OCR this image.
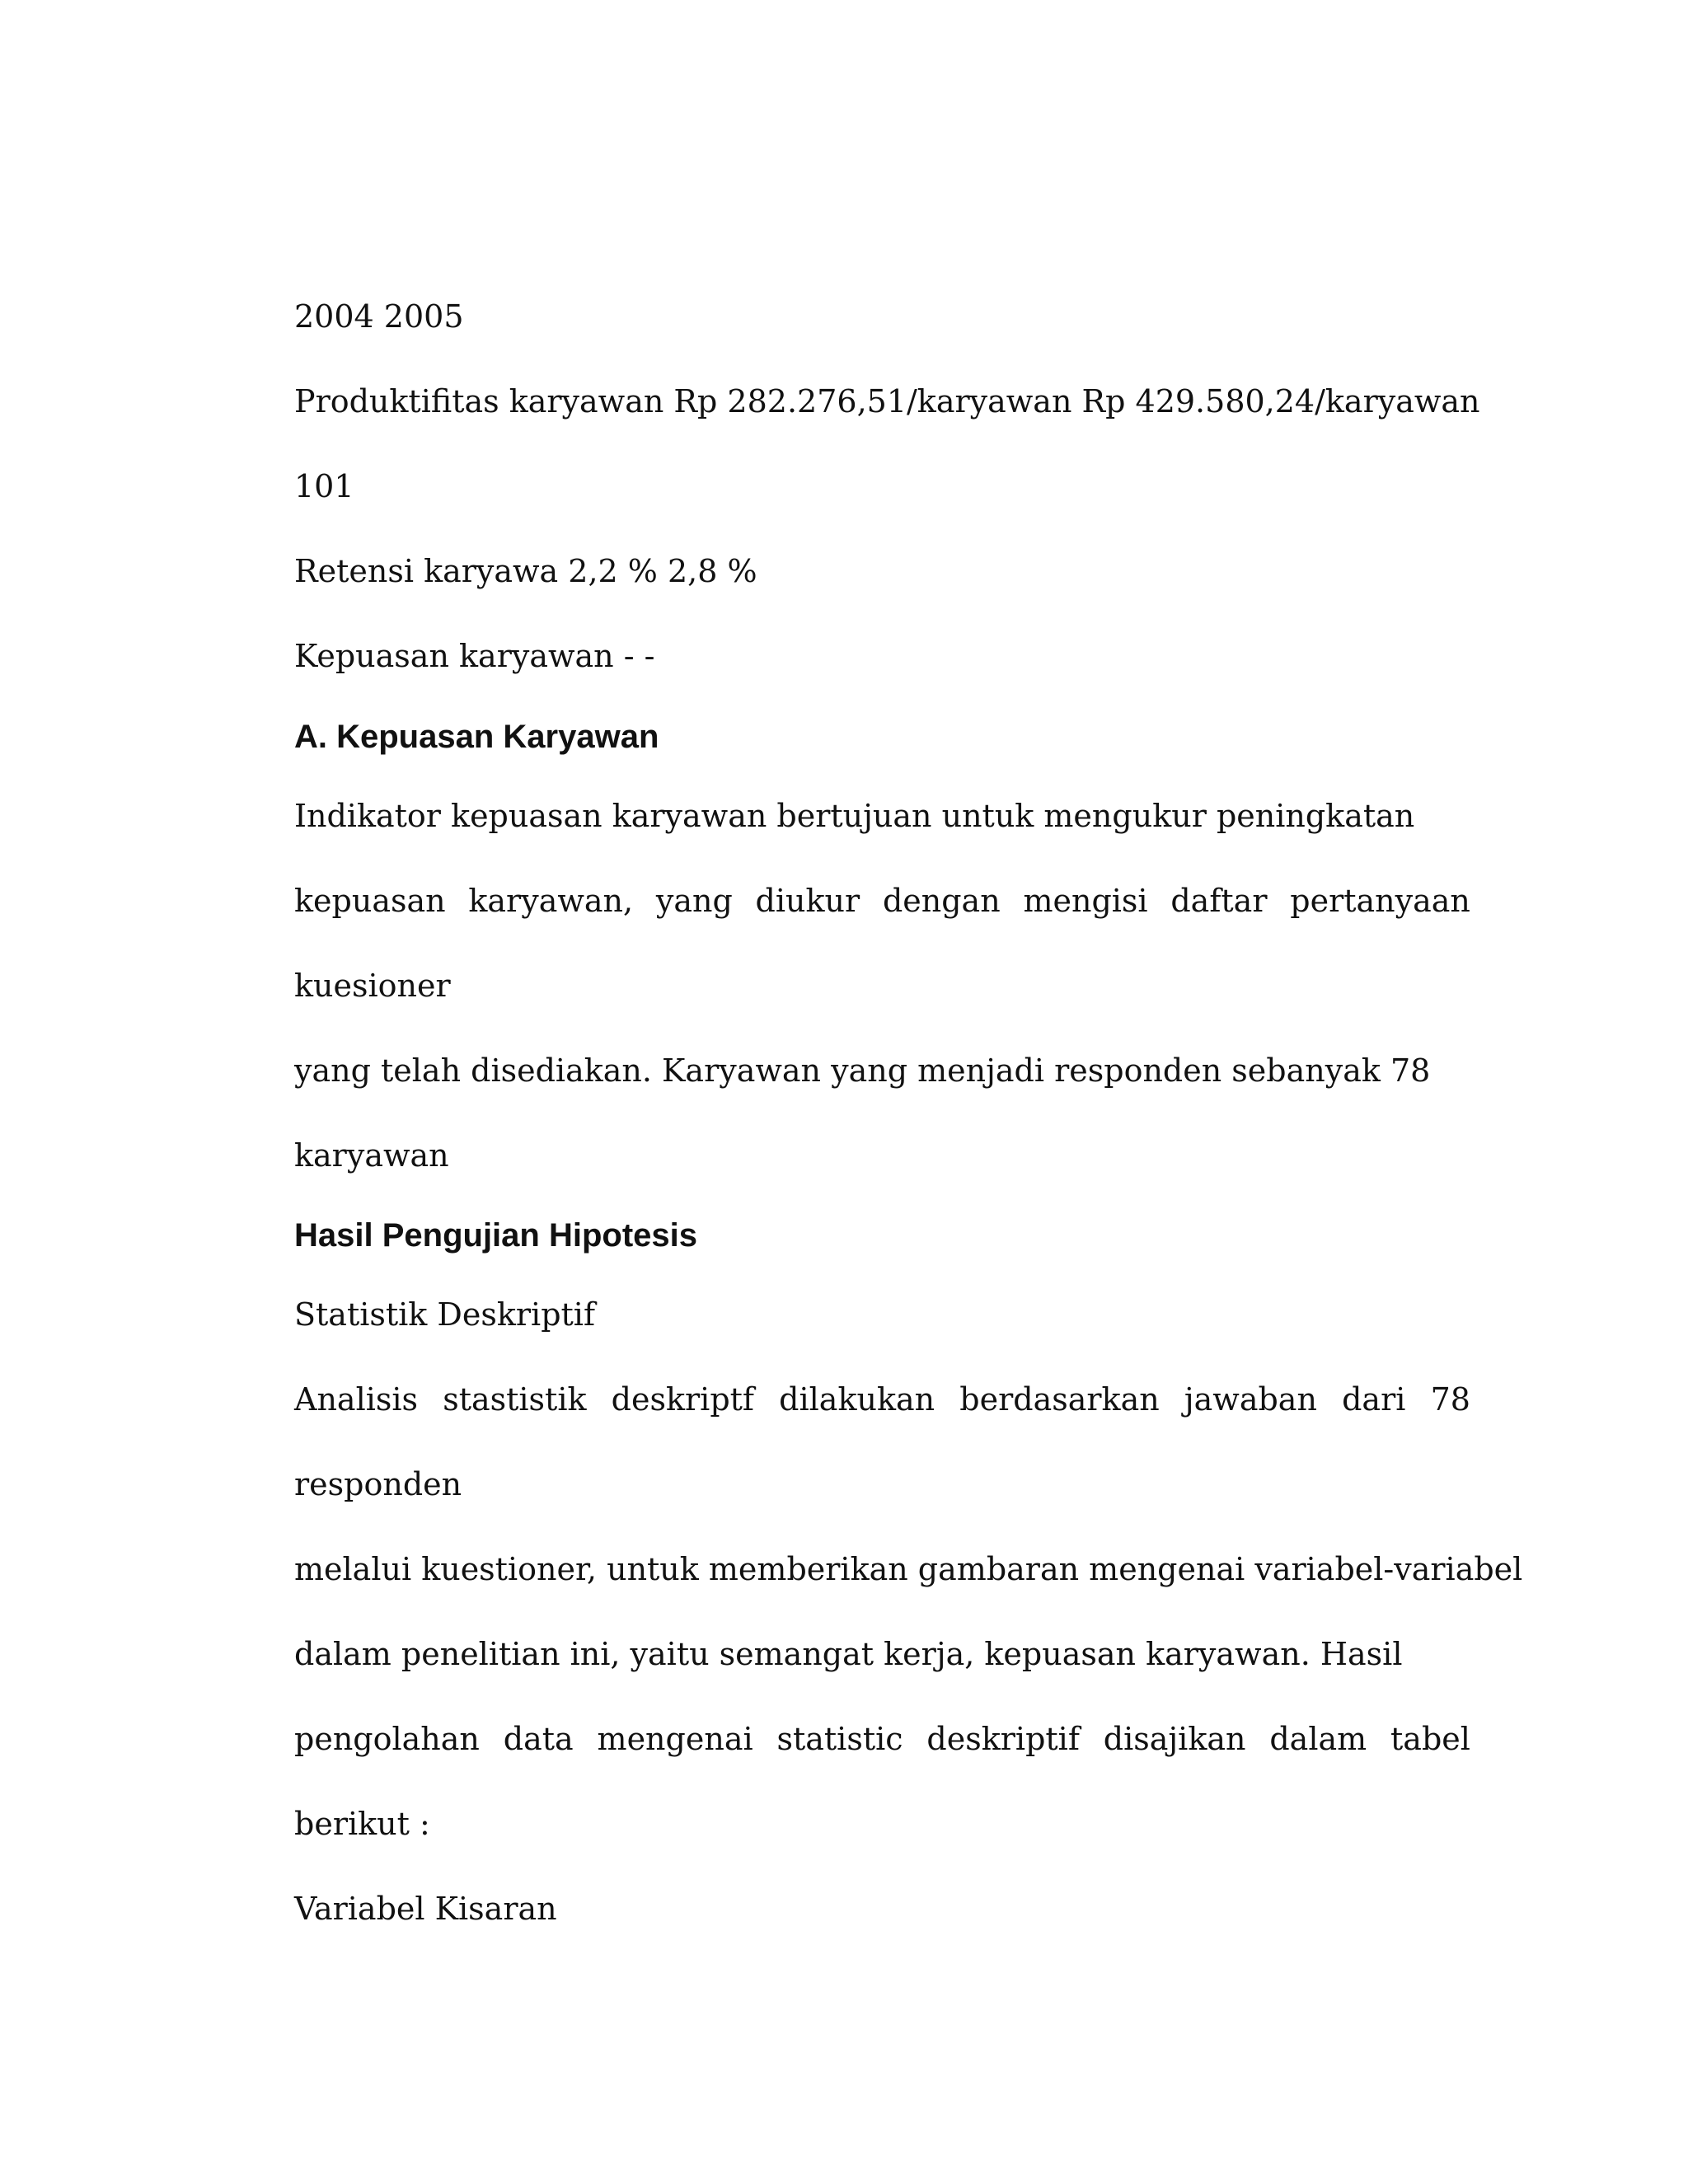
2004 2005

Produktifitas karyawan Rp 282.276,51/karyawan Rp 429.580,24/karyawan

101

Retensi karyawa 2,2 % 2,8 %

Kepuasan karyawan - -

A. Kepuasan Karyawan

Indikator kepuasan karyawan bertujuan untuk mengukur peningkatan

kepuasan karyawan, yang diukur dengan mengisi daftar pertanyaan

kuesioner

yang telah disediakan. Karyawan yang menjadi responden sebanyak 78

karyawan

Hasil Pengujian Hipotesis

Statistik Deskriptif

Analisis stastistik deskriptf dilakukan berdasarkan jawaban dari 78

responden

melalui kuestioner, untuk memberikan gambaran mengenai variabel-variabel

dalam penelitian ini, yaitu semangat kerja, kepuasan karyawan. Hasil

pengolahan data mengenai statistic deskriptif disajikan dalam tabel

berikut :

Variabel Kisaran
